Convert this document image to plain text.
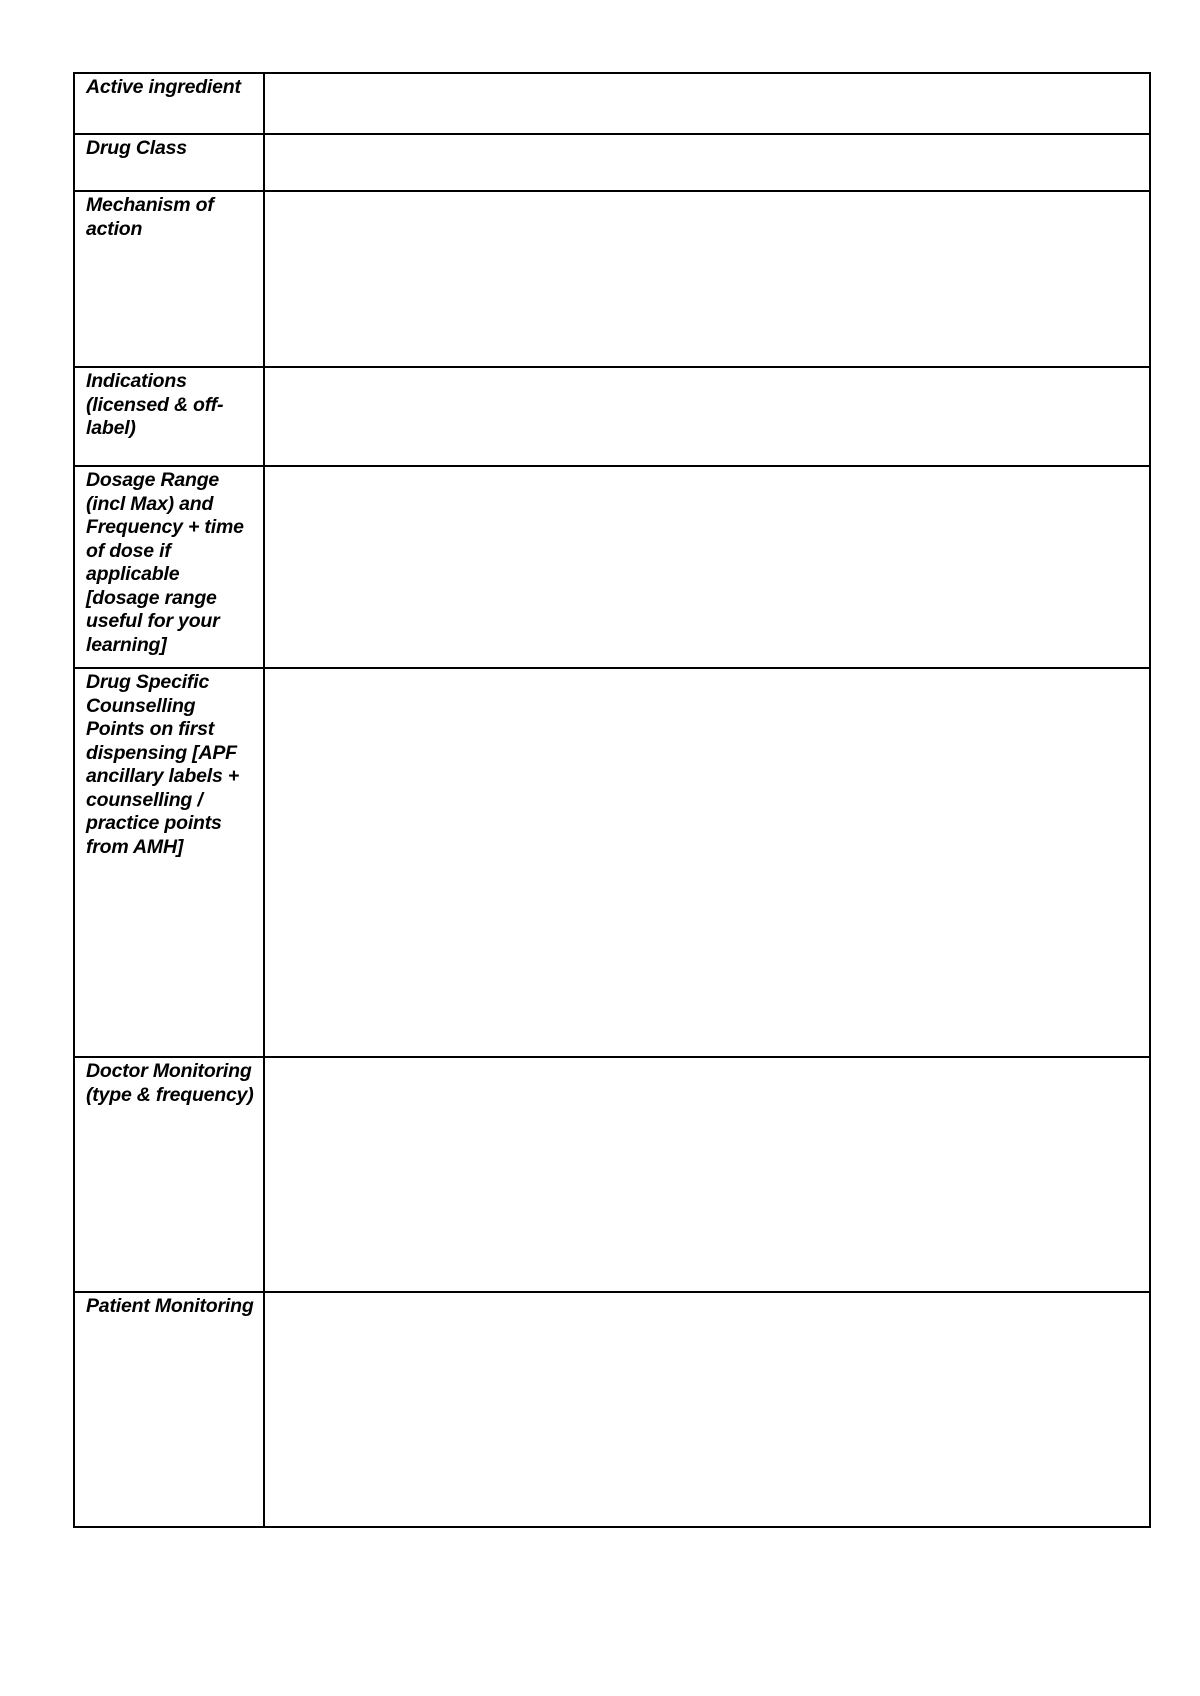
Active ingredient	
Drug Class	
Mechanism of action	
Indications (licensed & off-label)	
Dosage Range (incl Max) and Frequency + time of dose if applicable [dosage range useful for your learning]	
Drug Specific Counselling Points on first dispensing [APF ancillary labels + counselling / practice points from AMH]	
Doctor Monitoring (type & frequency)	
Patient Monitoring	
